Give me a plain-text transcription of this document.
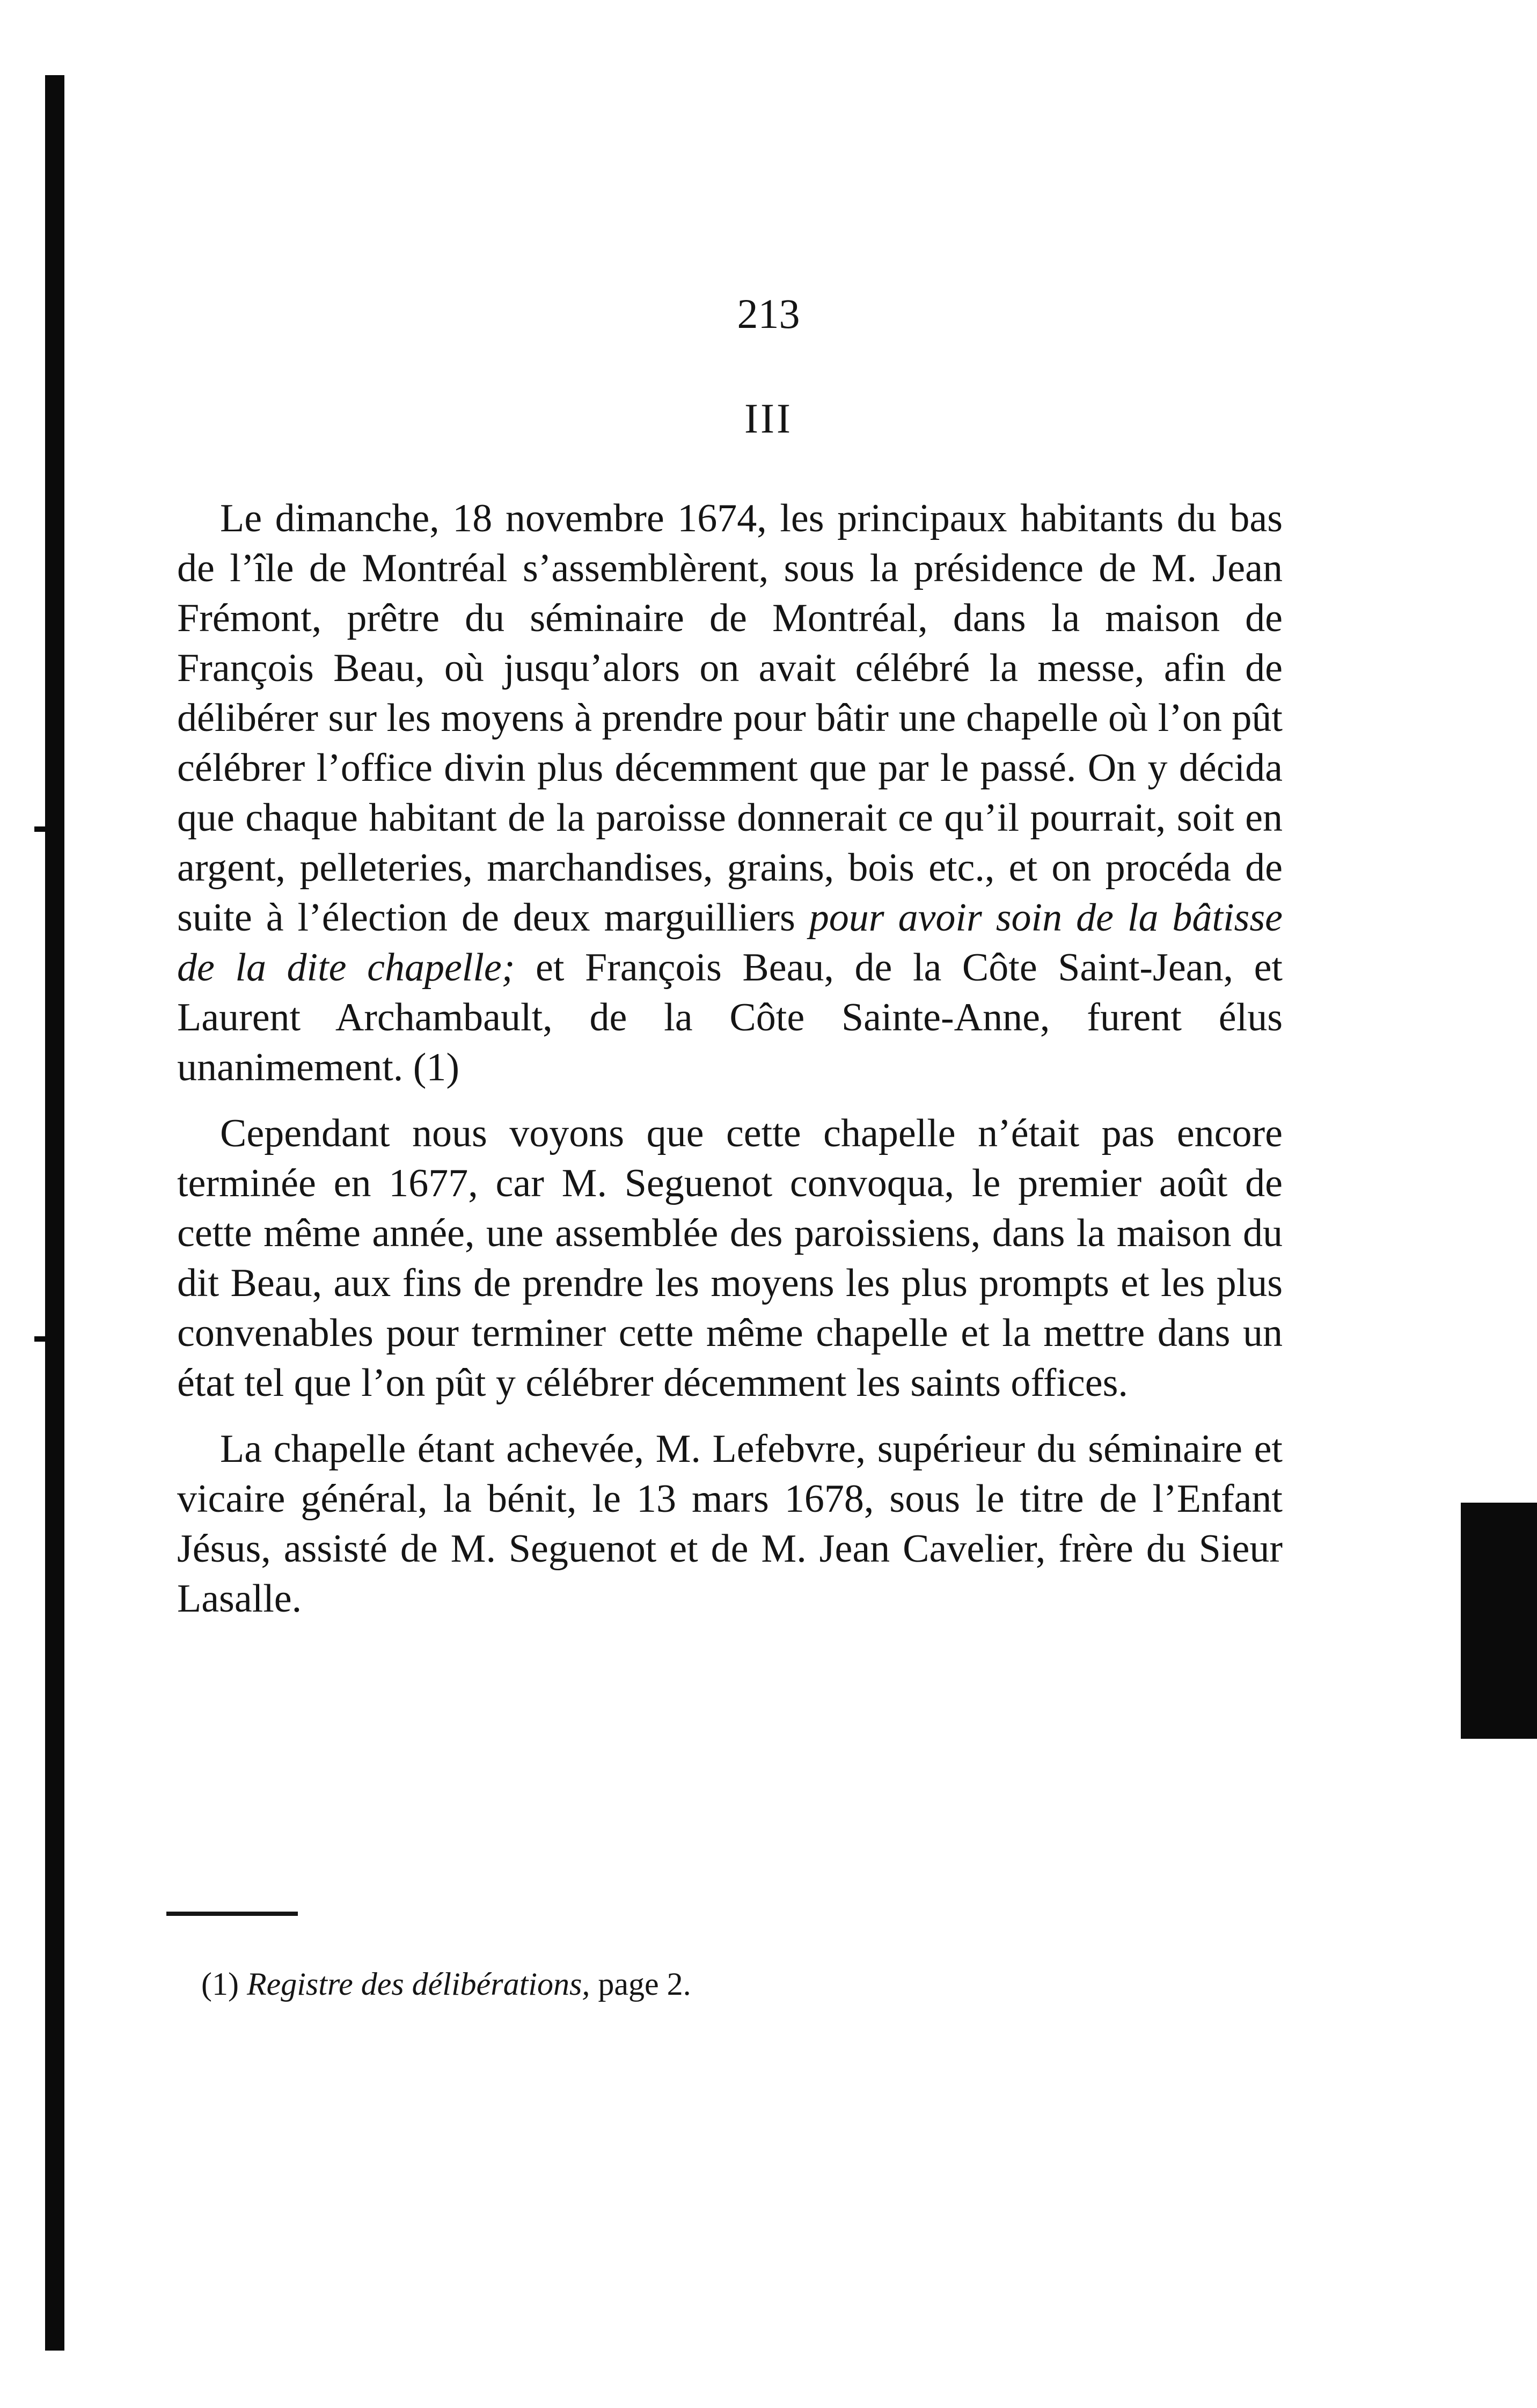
213
III

Le dimanche, 18 novembre 1674, les principaux habitants du bas de l’île de Montréal s’assemblèrent, sous la présidence de M. Jean Frémont, prêtre du séminaire de Montréal, dans la maison de François Beau, où jusqu’alors on avait célébré la messe, afin de délibérer sur les moyens à prendre pour bâtir une chapelle où l’on pût célébrer l’office divin plus décemment que par le passé. On y décida que chaque habitant de la paroisse donnerait ce qu’il pourrait, soit en argent, pelleteries, marchandises, grains, bois etc., et on procéda de suite à l’élection de deux marguilliers pour avoir soin de la bâtisse de la dite chapelle; et François Beau, de la Côte Saint-Jean, et Laurent Archambault, de la Côte Sainte-Anne, furent élus unanimement. (1)

Cependant nous voyons que cette chapelle n’était pas encore terminée en 1677, car M. Seguenot convoqua, le premier août de cette même année, une assemblée des paroissiens, dans la maison du dit Beau, aux fins de prendre les moyens les plus prompts et les plus convenables pour terminer cette même chapelle et la mettre dans un état tel que l’on pût y célébrer décemment les saints offices.

La chapelle étant achevée, M. Lefebvre, supérieur du séminaire et vicaire général, la bénit, le 13 mars 1678, sous le titre de l’Enfant Jésus, assisté de M. Seguenot et de M. Jean Cavelier, frère du Sieur Lasalle.

(1) Registre des délibérations, page 2.
